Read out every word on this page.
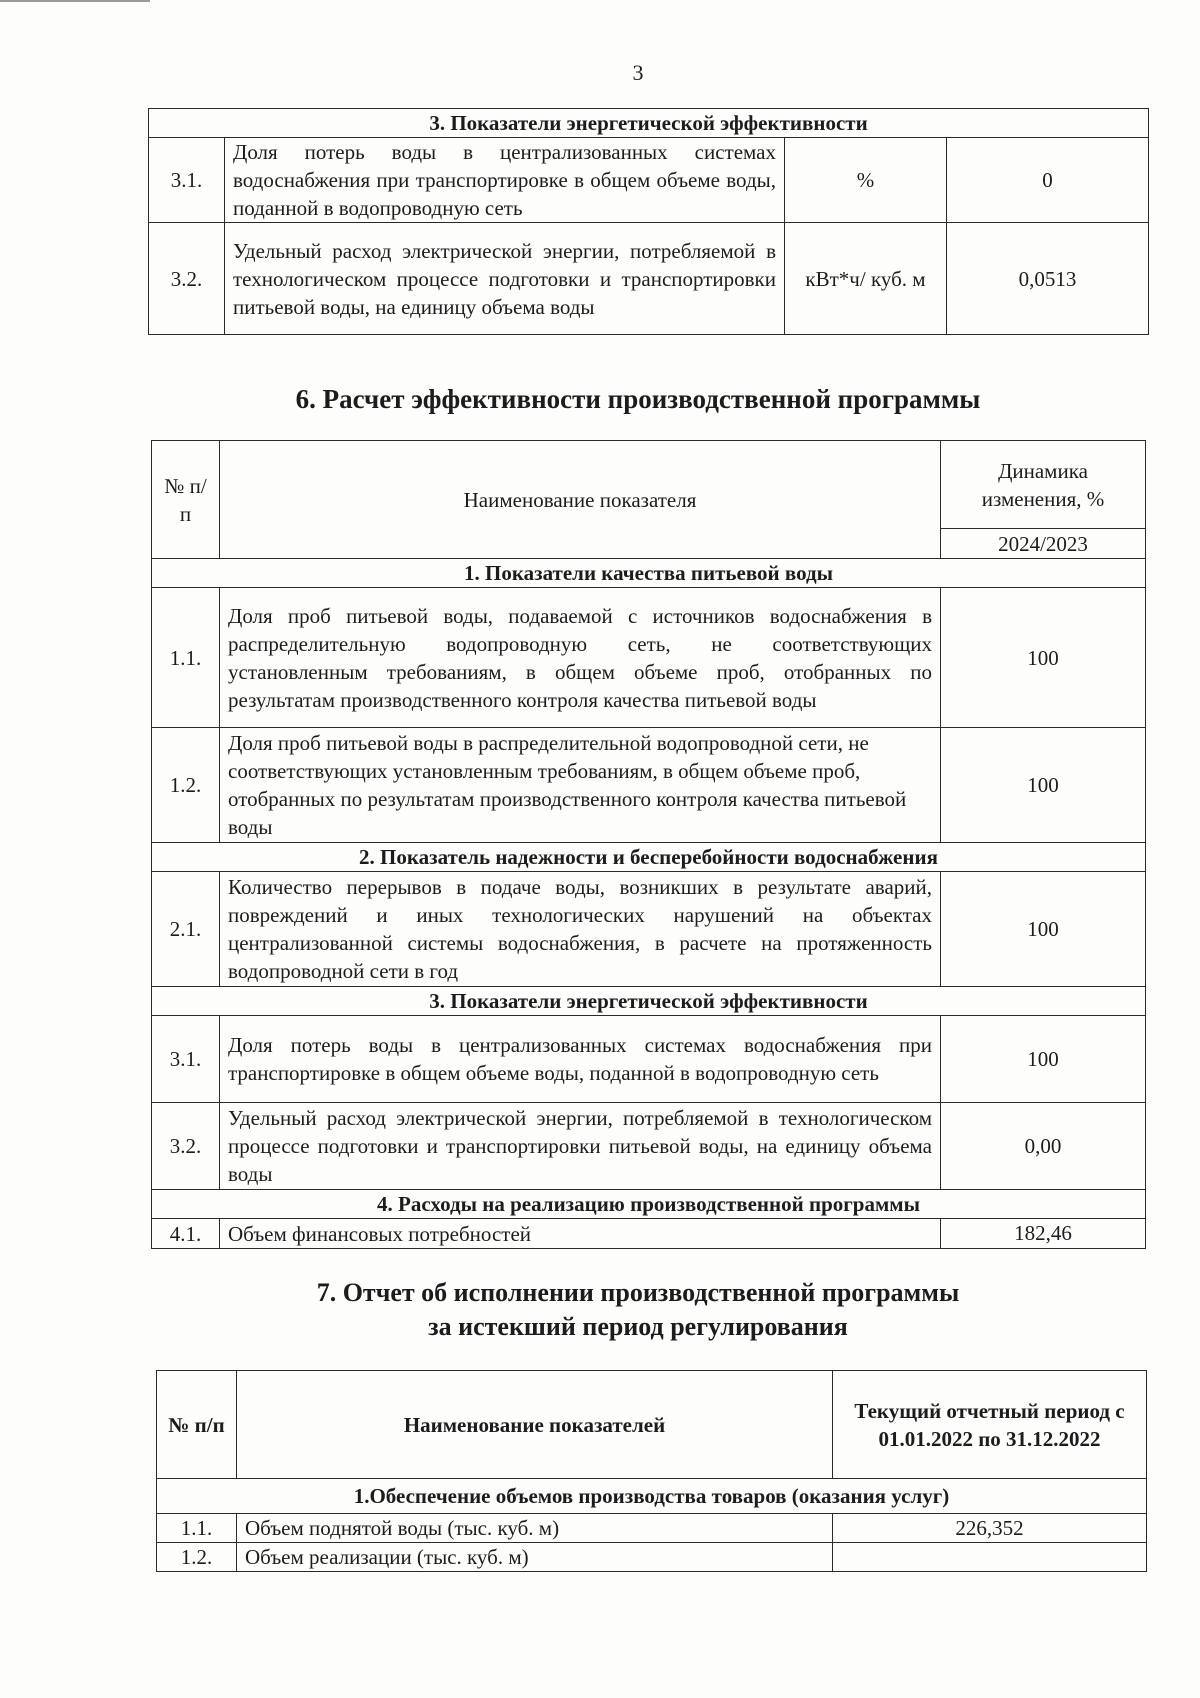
3
3. Показатели энергетической эффективности			
3.1.	Доля потерь воды в централизованных системах водоснабжения при транспортировке в общем объеме воды, поданной в водопроводную сеть	%	0
3.2.	Удельный расход электрической энергии, потребляемой в технологическом процессе подготовки и транспортировки питьевой воды, на единицу объема воды	кВт*ч/ куб. м	0,0513
6. Расчет эффективности производственной программы
№ п/п	Наименование показателя	Динамика изменения, %
		2024/2023
1. Показатели качества питьевой воды		
1.1.	Доля проб питьевой воды, подаваемой с источников водоснабжения в распределительную водопроводную сеть, не соответствующих установленным требованиям, в общем объеме проб, отобранных по результатам производственного контроля качества питьевой воды	100
1.2.	Доля проб питьевой воды в распределительной водопроводной сети, не соответствующих установленным требованиям, в общем объеме проб, отобранных по результатам производственного контроля качества питьевой воды	100
2. Показатель надежности и бесперебойности водоснабжения		
2.1.	Количество перерывов в подаче воды, возникших в результате аварий, повреждений и иных технологических нарушений на объектах централизованной системы водоснабжения, в расчете на протяженность водопроводной сети в год	100
3. Показатели энергетической эффективности		
3.1.	Доля потерь воды в централизованных системах водоснабжения при транспортировке в общем объеме воды, поданной в водопроводную сеть	100
3.2.	Удельный расход электрической энергии, потребляемой в технологическом процессе подготовки и транспортировки питьевой воды, на единицу объема воды	0,00
4. Расходы на реализацию производственной программы		
4.1.	Объем финансовых потребностей	182,46
7. Отчет об исполнении производственной программы
за истекший период регулирования
№ п/п	Наименование показателей	Текущий отчетный период с 01.01.2022 по 31.12.2022
1.Обеспечение объемов производства товаров (оказания услуг)		
1.1.	Объем поднятой воды (тыс. куб. м)	226,352
1.2.	Объем реализации (тыс. куб. м)	
